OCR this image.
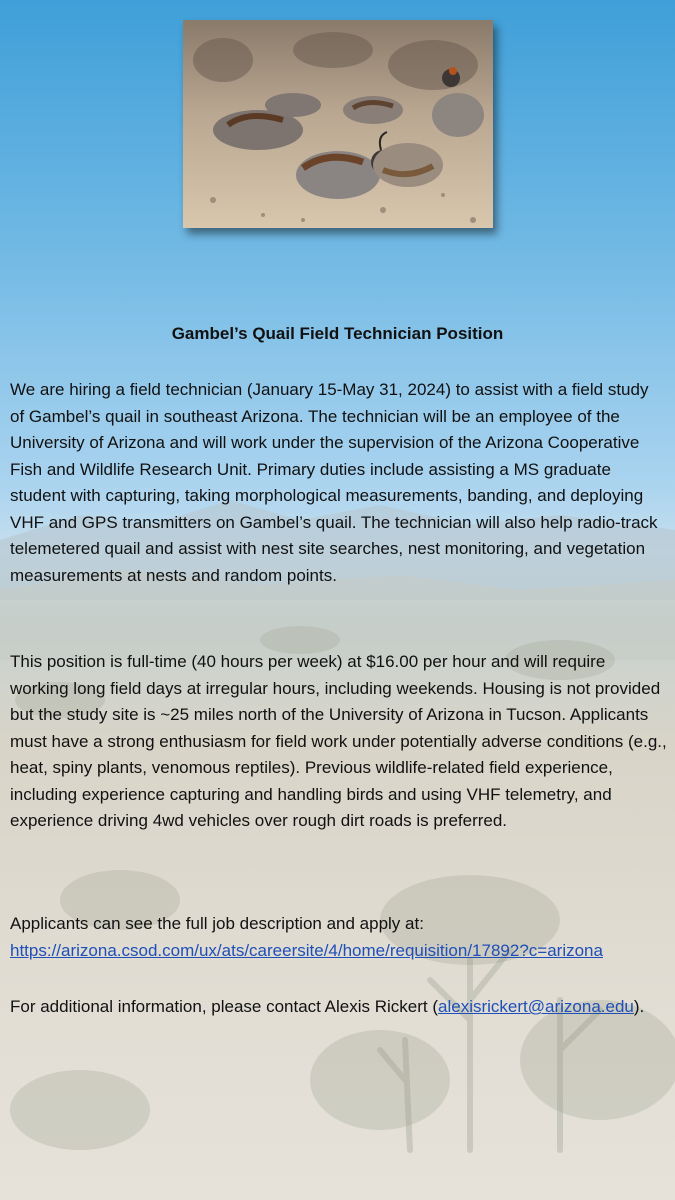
Gambel’s Quail Field Technician Position

We are hiring a field technician (January 15-May 31, 2024) to assist with a field study of Gambel’s quail in southeast Arizona. The technician will be an employee of the University of Arizona and will work under the supervision of the Arizona Cooperative Fish and Wildlife Research Unit. Primary duties include assisting a MS graduate student with capturing, taking morphological measurements, banding, and deploying VHF and GPS transmitters on Gambel’s quail. The technician will also help radio-track telemetered quail and assist with nest site searches, nest monitoring, and vegetation measurements at nests and random points.

This position is full-time (40 hours per week) at $16.00 per hour and will require working long field days at irregular hours, including weekends. Housing is not provided but the study site is ~25 miles north of the University of Arizona in Tucson. Applicants must have a strong enthusiasm for field work under potentially adverse conditions (e.g., heat, spiny plants, venomous reptiles). Previous wildlife-related field experience, including experience capturing and handling birds and using VHF telemetry, and experience driving 4wd vehicles over rough dirt roads is preferred.

Applicants can see the full job description and apply at:
https://arizona.csod.com/ux/ats/careersite/4/home/requisition/17892?c=arizona

For additional information, please contact Alexis Rickert (alexisrickert@arizona.edu).
